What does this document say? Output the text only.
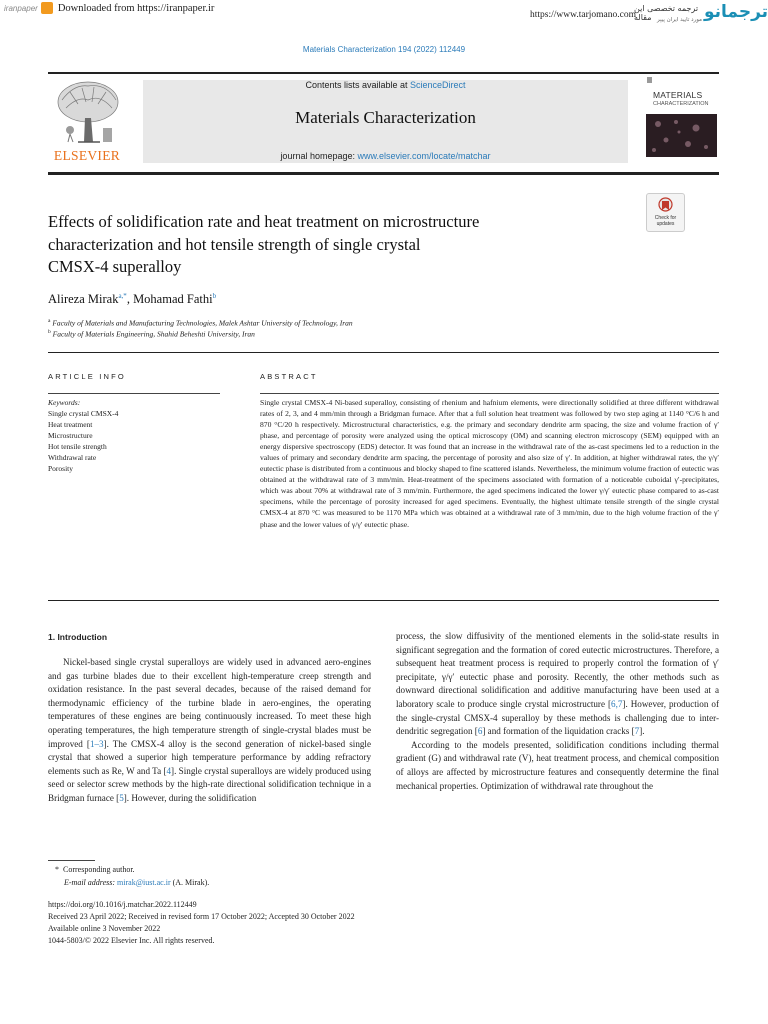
iranpaper Downloaded from https://iranpaper.ir
https://www.tarjomano.com
ترجمه تخصصی این مقاله	مورد تایید ایران پیپر ترجمانو
Materials Characterization 194 (2022) 112449
ELSEVIER
Contents lists available at ScienceDirect
Materials Characterization
journal homepage: www.elsevier.com/locate/matchar
MATERIALS
CHARACTERIZATION
Effects of solidification rate and heat treatment on microstructure
characterization and hot tensile strength of single crystal
CMSX-4 superalloy
Check for updates
Alireza Mirak$^{a,*}$, Mohamad Fathi$^b$
$^a$ Faculty of Materials and Manufacturing Technologies, Malek Ashtar University of Technology, Iran
$^b$ Faculty of Materials Engineering, Shahid Beheshti University, Iran
ARTICLE INFO
Keywords:
Single crystal CMSX-4
Heat treatment
Microstructure
Hot tensile strength
Withdrawal rate
Porosity
ABSTRACT

Single crystal CMSX-4 Ni-based superalloy, consisting of rhenium and hafnium elements, were directionally solidified at three different withdrawal rates of 2, 3, and 4 mm/min through a Bridgman furnace. After that a full solution heat treatment was followed by two step aging at 1140 °C/6 h and 870 °C/20 h respectively. Microstructural characteristics, e.g. the primary and secondary dendrite arm spacing, the size and volume fraction of γ′ phase, and percentage of porosity were analyzed using the optical microscopy (OM) and scanning electron microscopy (SEM) equipped with an energy dispersive spectroscopy (EDS) detector. It was found that an increase in the withdrawal rate of the as-cast specimens led to a reduction in the values of primary and secondary dendrite arm spacing, the percentage of porosity and also size of γ′. In addition, at higher withdrawal rates, the γ/γ′ eutectic phase is distributed from a continuous and blocky shaped to fine scattered islands. Nevertheless, the minimum volume fraction of eutectic was obtained at the withdrawal rate of 3 mm/min. Heat-treatment of the specimens associated with formation of a noticeable cuboidal γ′-precipitates, which was about 70% at withdrawal rate of 3 mm/min. Furthermore, the aged specimens indicated the lower γ/γ′ eutectic phase compared to as-cast specimens, while the percentage of porosity increased for aged specimens. Eventually, the highest ultimate tensile strength of the single crystal CMSX-4 at 870 °C was measured to be 1170 MPa which was obtained at a withdrawal rate of 3 mm/min, due to the high volume fraction of the γ′ phase and the lower values of γ/γ′ eutectic phase.

1. Introduction

Nickel-based single crystal superalloys are widely used in advanced aero-engines and gas turbine blades due to their excellent high-temperature creep strength and oxidation resistance. In the past several decades, because of the raised demand for thermodynamic efficiency of the turbine blade in aero-engines, the operating temperatures of these engines are being continuously increased. To meet these high operating temperatures, the high temperature strength of single-crystal blades must be improved [1–3]. The CMSX-4 alloy is the second generation of nickel-based single crystal that showed a superior high temperature performance by adding refractory elements such as Re, W and Ta [4]. Single crystal superalloys are widely produced using seed or selector screw methods by the high-rate directional solidification technique in a Bridgman furnace [5]. However, during the solidification

process, the slow diffusivity of the mentioned elements in the solid-state results in significant segregation and the formation of cored eutectic microstructures. Therefore, a subsequent heat treatment process is required to properly control the formation of γ′ precipitate, γ/γ′ eutectic phase and porosity. Recently, the other methods such as downward directional solidification and additive manufacturing have been used at a laboratory scale to produce single crystal microstructure [6,7]. However, production of the single-crystal CMSX-4 superalloy by these methods is challenging due to inter-dendritic segregation [6] and formation of the liquidation cracks [7].

According to the models presented, solidification conditions including thermal gradient (G) and withdrawal rate (V), heat treatment process, and chemical composition of alloys are affected by microstructure features and consequently determine the final mechanical properties. Optimization of withdrawal rate throughout the

* Corresponding author.
E-mail address: mirak@iust.ac.ir (A. Mirak).
https://doi.org/10.1016/j.matchar.2022.112449
Received 23 April 2022; Received in revised form 17 October 2022; Accepted 30 October 2022
Available online 3 November 2022
1044-5803/© 2022 Elsevier Inc. All rights reserved.
